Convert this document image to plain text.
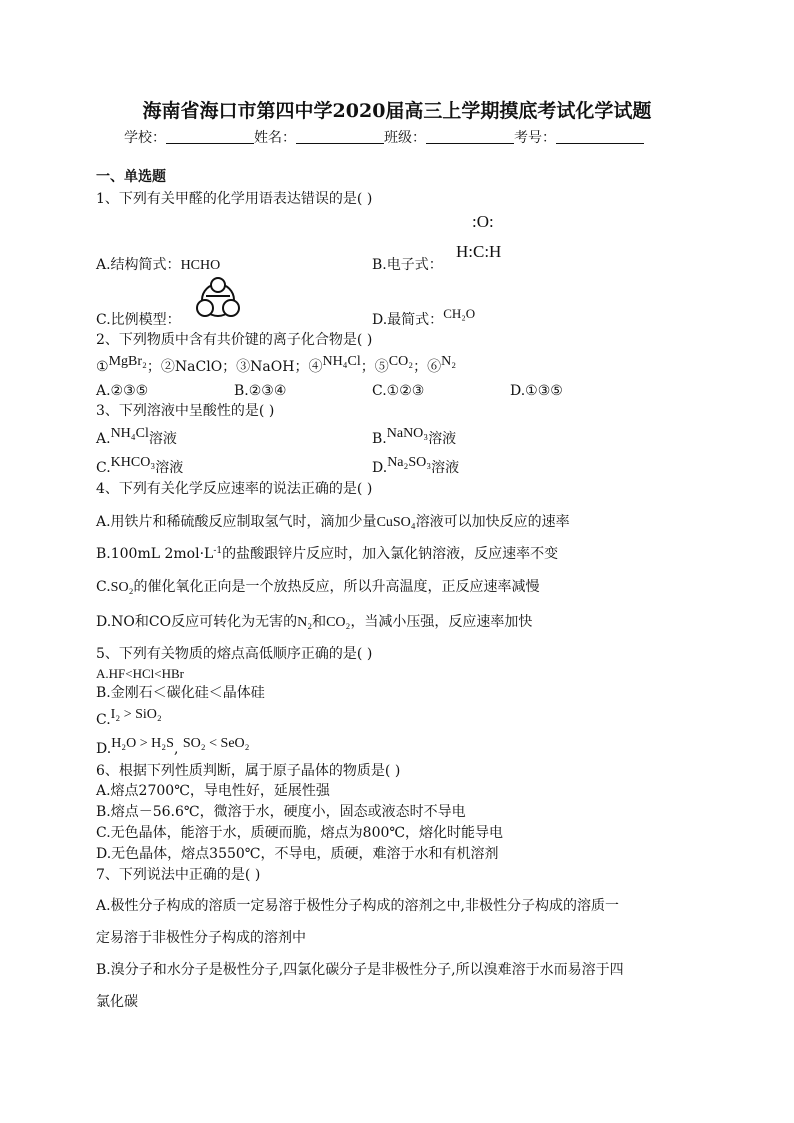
海南省海口市第四中学2020届高三上学期摸底考试化学试题
学校：	姓名：	班级：	考号：
一、单选题
1、下列有关甲醛的化学用语表达错误的是( )
:O:
A.结构简式：HCHO	B.电子式：
H:C:H
C.比例模型：	D.最简式：CH₂O
2、下列物质中含有共价键的离子化合物是( )
①MgBr₂；②NaClO；③NaOH；④NH₄Cl；⑤CO₂；⑥N₂
A.②③⑤	B.②③④	C.①②③	D.①③⑤
3、下列溶液中呈酸性的是( )
A.NH₄Cl溶液	B.NaNO₃溶液
C.KHCO₃溶液	D.Na₂SO₃溶液
4、下列有关化学反应速率的说法正确的是( )
A.用铁片和稀硫酸反应制取氢气时，滴加少量CuSO₄溶液可以加快反应的速率
B.100mL $2mol\cdot L^{-1}$的盐酸跟锌片反应时，加入氯化钠溶液，反应速率不变
C.SO₂的催化氧化正向是一个放热反应，所以升高温度，正反应速率减慢
D.NO和CO反应可转化为无害的N₂和CO₂，当减小压强，反应速率加快
5、下列有关物质的熔点高低顺序正确的是( )
A.HF<HCl<HBr
B.金刚石＜碳化硅＜晶体硅
C.I₂ > SiO₂
D.H₂O > H₂S, SO₂ < SeO₂
6、根据下列性质判断，属于原子晶体的物质是( )
A.熔点2700℃，导电性好，延展性强
B.熔点－56.6℃，微溶于水，硬度小，固态或液态时不导电
C.无色晶体，能溶于水，质硬而脆，熔点为800℃，熔化时能导电
D.无色晶体，熔点3550℃，不导电，质硬，难溶于水和有机溶剂
7、下列说法中正确的是( )
A.极性分子构成的溶质一定易溶于极性分子构成的溶剂之中,非极性分子构成的溶质一
定易溶于非极性分子构成的溶剂中
B.溴分子和水分子是极性分子,四氯化碳分子是非极性分子,所以溴难溶于水而易溶于四
氯化碳
